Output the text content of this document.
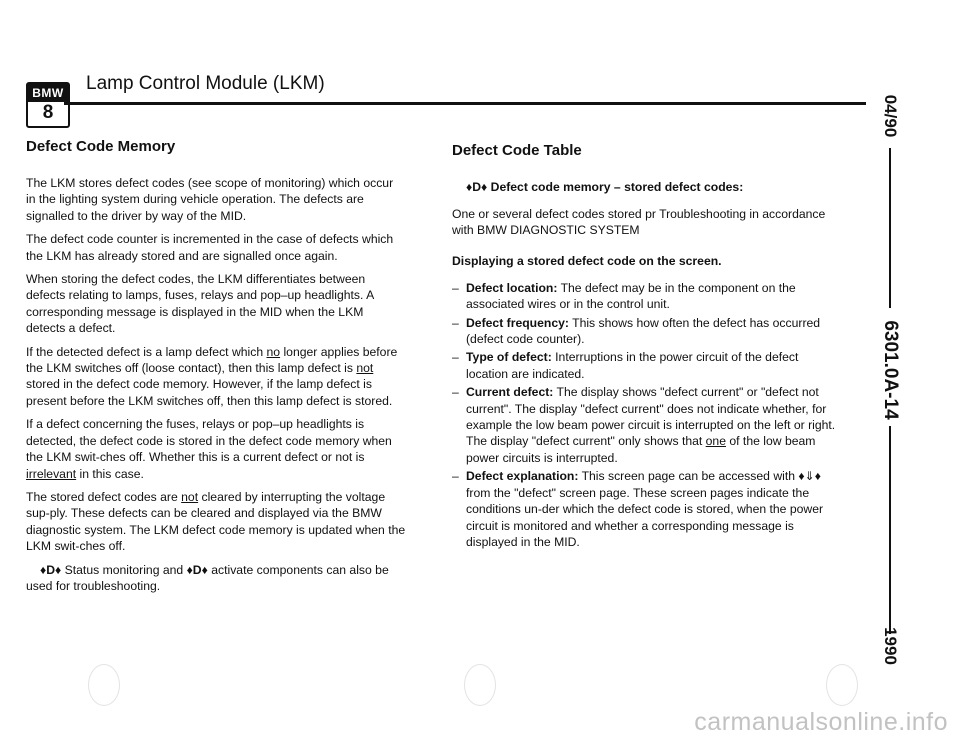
BMW
8
Lamp Control Module (LKM)
Defect Code Memory

The LKM stores defect codes (see scope of monitoring) which occur in the lighting system during vehicle operation. The defects are signalled to the driver by way of the MID.

The defect code counter is incremented in the case of defects which the LKM has already stored and are signalled once again.

When storing the defect codes, the LKM differentiates between defects relating to lamps, fuses, relays and pop–up headlights. A corresponding message is displayed in the MID when the LKM detects a defect.

If the detected defect is a lamp defect which no longer applies before the LKM switches off (loose contact), then this lamp defect is not stored in the defect code memory. However, if the lamp defect is present before the LKM switches off, then this lamp defect is stored.

If a defect concerning the fuses, relays or pop–up headlights is detected, the defect code is stored in the defect code memory when the LKM swit-ches off. Whether this is a current defect or not is irrelevant in this case.

The stored defect codes are not cleared by interrupting the voltage sup-ply. These defects can be cleared and displayed via the BMW diagnostic system. The LKM defect code memory is updated when the LKM swit-ches off.

♦D♦ Status monitoring and ♦D♦ activate components can also be used for troubleshooting.

Defect Code Table

♦D♦ Defect code memory – stored defect codes:

One or several defect codes stored pr Troubleshooting in accordance with BMW DIAGNOSTIC SYSTEM

Displaying a stored defect code on the screen.

– Defect location: The defect may be in the component on the associated wires or in the control unit.
– Defect frequency: This shows how often the defect has occurred (defect code counter).
– Type of defect: Interruptions in the power circuit of the defect location are indicated.
– Current defect: The display shows "defect current" or "defect not current". The display "defect current" does not indicate whether, for example the low beam power circuit is interrupted on the left or right. The display "defect current" only shows that one of the low beam power circuits is interrupted.
– Defect explanation: This screen page can be accessed with ♦⇓♦ from the "defect" screen page. These screen pages indicate the conditions un-der which the defect code is stored, when the power circuit is monitored and whether a corresponding message is displayed in the MID.
04/90
6301.0A-14
1990
carmanualsonline.info
